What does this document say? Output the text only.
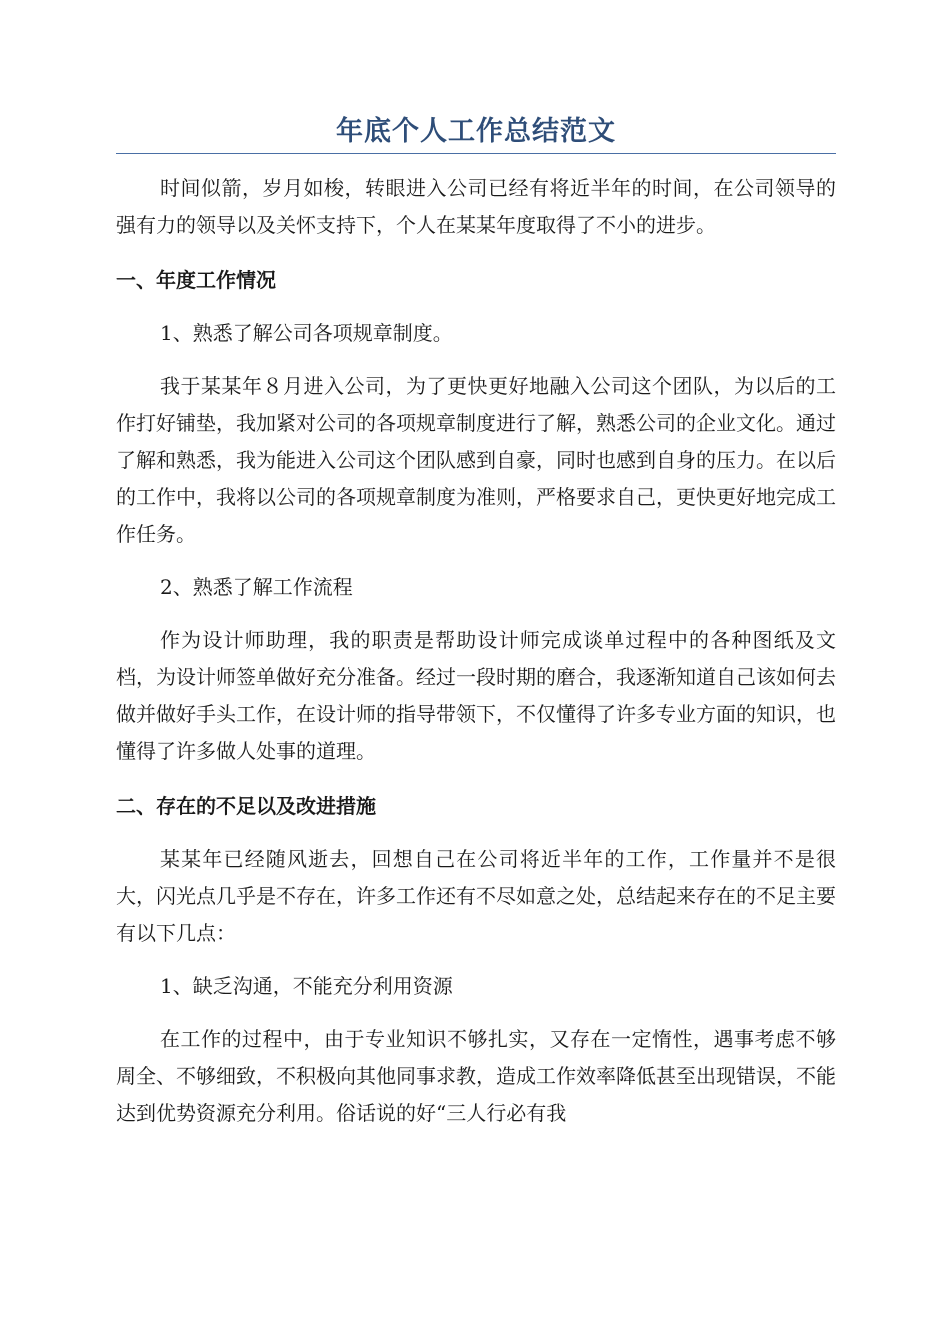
年底个人工作总结范文

时间似箭，岁月如梭，转眼进入公司已经有将近半年的时间，在公司领导的强有力的领导以及关怀支持下，个人在某某年度取得了不小的进步。

一、年度工作情况

1、熟悉了解公司各项规章制度。

我于某某年８月进入公司，为了更快更好地融入公司这个团队，为以后的工作打好铺垫，我加紧对公司的各项规章制度进行了解，熟悉公司的企业文化。通过了解和熟悉，我为能进入公司这个团队感到自豪，同时也感到自身的压力。在以后的工作中，我将以公司的各项规章制度为准则，严格要求自己，更快更好地完成工作任务。

2、熟悉了解工作流程

作为设计师助理，我的职责是帮助设计师完成谈单过程中的各种图纸及文档，为设计师签单做好充分准备。经过一段时期的磨合，我逐渐知道自己该如何去做并做好手头工作，在设计师的指导带领下，不仅懂得了许多专业方面的知识，也懂得了许多做人处事的道理。

二、存在的不足以及改进措施

某某年已经随风逝去，回想自己在公司将近半年的工作，工作量并不是很大，闪光点几乎是不存在，许多工作还有不尽如意之处，总结起来存在的不足主要有以下几点：

1、缺乏沟通，不能充分利用资源

在工作的过程中，由于专业知识不够扎实，又存在一定惰性，遇事考虑不够周全、不够细致，不积极向其他同事求教，造成工作效率降低甚至出现错误，不能达到优势资源充分利用。俗话说的好“三人行必有我
